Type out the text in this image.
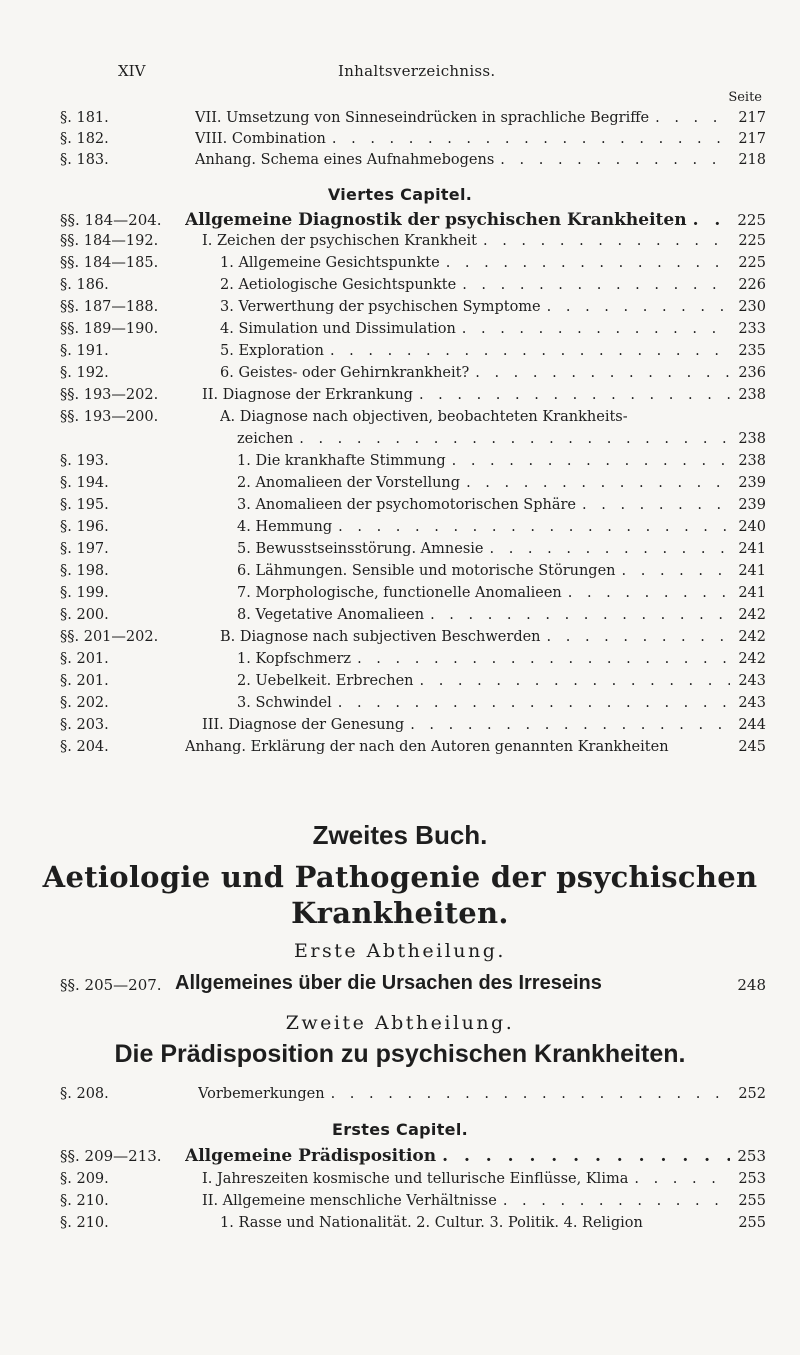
XIV	Inhaltsverzeichniss.
Seite
§. 181.	VII. Umsetzung von Sinneseindrücken in sprachliche Begriffe . . .	217
§. 182.	VIII. Combination . . .	217
§. 183.	Anhang. Schema eines Aufnahmebogens . . .	218
Viertes Capitel.
§§. 184—204. Allgemeine Diagnostik der psychischen Krankheiten . . .	225
§§. 184—192.	I. Zeichen der psychischen Krankheit . . .	225
§§. 184—185.	1. Allgemeine Gesichtspunkte . . .	225
§. 186.	2. Aetiologische Gesichtspunkte . . .	226
§§. 187—188.	3. Verwerthung der psychischen Symptome . . .	230
§§. 189—190.	4. Simulation und Dissimulation . . .	233
§. 191.	5. Exploration . . .	235
§. 192.	6. Geistes- oder Gehirnkrankheit? . . .	236
§§. 193—202.	II. Diagnose der Erkrankung . . .	238
§§. 193—200.	A. Diagnose nach objectiven, beobachteten Krankheits-
zeichen . . .	238
§. 193.	1. Die krankhafte Stimmung . . .	238
§. 194.	2. Anomalieen der Vorstellung . . .	239
§. 195.	3. Anomalieen der psychomotorischen Sphäre . . .	239
§. 196.	4. Hemmung . . .	240
§. 197.	5. Bewusstseinsstörung. Amnesie . . .	241
§. 198.	6. Lähmungen. Sensible und motorische Störungen . . .	241
§. 199.	7. Morphologische, functionelle Anomalieen . . .	241
§. 200.	8. Vegetative Anomalieen . . .	242
§§. 201—202.	B. Diagnose nach subjectiven Beschwerden . . .	242
§. 201.	1. Kopfschmerz . . .	242
§. 201.	2. Uebelkeit. Erbrechen . . .	243
§. 202.	3. Schwindel . . .	243
§. 203.	III. Diagnose der Genesung . . .	244
§. 204.	Anhang. Erklärung der nach den Autoren genannten Krankheiten	245
Zweites Buch.
Aetiologie und Pathogenie der psychischen
Krankheiten.
Erste Abtheilung.
§§. 205—207. Allgemeines über die Ursachen des Irreseins	248
Zweite Abtheilung.
Die Prädisposition zu psychischen Krankheiten.
§. 208.	Vorbemerkungen . . .	252
Erstes Capitel.
§§. 209—213. Allgemeine Prädisposition . . .	253
§. 209.	I. Jahreszeiten kosmische und tellurische Einflüsse, Klima . . .	253
§. 210.	II. Allgemeine menschliche Verhältnisse . . .	255
§. 210.	1. Rasse und Nationalität. 2. Cultur. 3. Politik. 4. Religion	255
